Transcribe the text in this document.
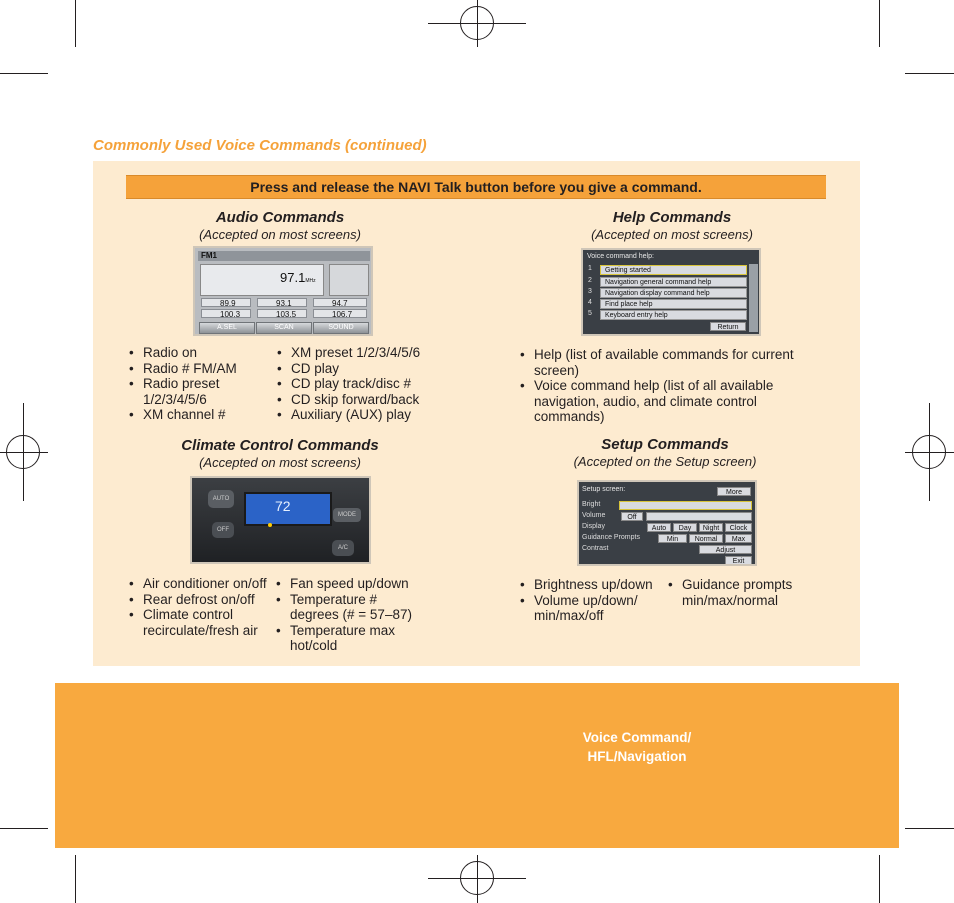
Commonly Used Voice Commands (continued)
Press and release the NAVI Talk button before you give a command.
Audio Commands
(Accepted on most screens)
FM1
97.1MHz
89.9	93.1	94.7
100.3	103.5	106.7
A.SEL	SCAN	SOUND
• Radio on
• Radio # FM/AM
• Radio preset 1/2/3/4/5/6
• XM channel #
• XM preset 1/2/3/4/5/6
• CD play
• CD play track/disc #
• CD skip forward/back
• Auxiliary (AUX) play
Climate Control Commands
(Accepted on most screens)
AUTO	72
MODE
OFF
A/C
• Air conditioner on/off
• Rear defrost on/off
• Climate control recirculate/fresh air
• Fan speed up/down
• Temperature # degrees (# = 57–87)
• Temperature max hot/cold
Help Commands
(Accepted on most screens)
Voice command help:
1
2
3
4
5
Getting started
Navigation general command help
Navigation display command help
Find place help
Keyboard entry help
Return
• Help (list of available commands for current screen)
• Voice command help (list of all available navigation, audio, and climate control commands)
Setup Commands
(Accepted on the Setup screen)
Setup screen:	More
Bright
Volume
Display
Guidance Prompts
Contrast
Off
Auto	Day	Night	Clock
Min	Normal	Max
Adjust
Exit
• Brightness up/down
• Volume up/down/ min/max/off
• Guidance prompts min/max/normal
Voice Command/
HFL/Navigation
